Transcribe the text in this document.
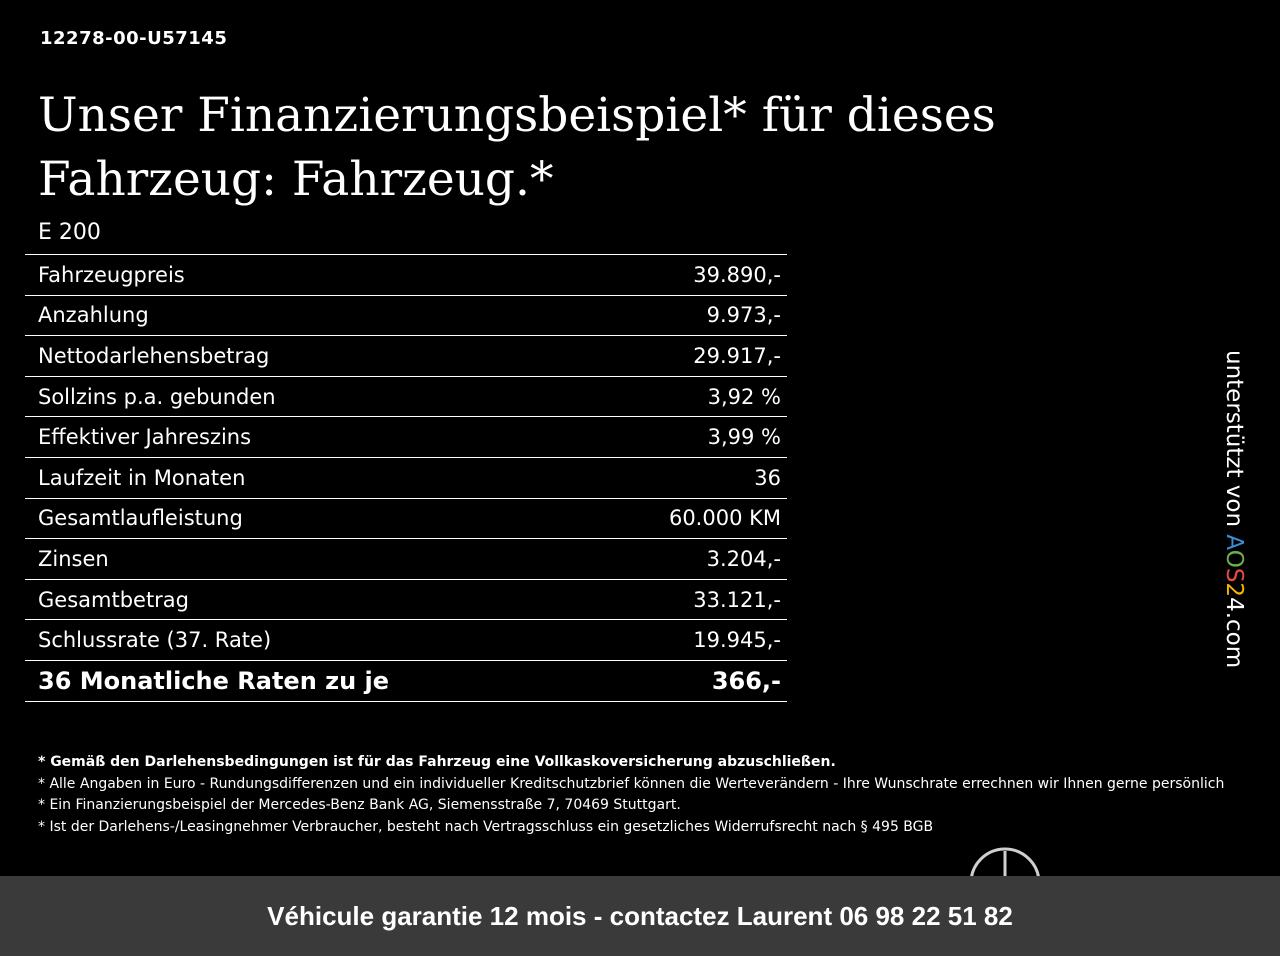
12278-00-U57145
Unser Finanzierungsbeispiel* für dieses Fahrzeug: Fahrzeug.*
E 200
Fahrzeugpreis	39.890,-
Anzahlung	9.973,-
Nettodarlehensbetrag	29.917,-
Sollzins p.a. gebunden	3,92 %
Effektiver Jahreszins	3,99 %
Laufzeit in Monaten	36
Gesamtlaufleistung	60.000 KM
Zinsen	3.204,-
Gesamtbetrag	33.121,-
Schlussrate (37. Rate)	19.945,-
36 Monatliche Raten zu je	366,-
* Gemäß den Darlehensbedingungen ist für das Fahrzeug eine Vollkaskoversicherung abzuschließen.
* Alle Angaben in Euro - Rundungsdifferenzen und ein individueller Kreditschutzbrief können die Werteverändern - Ihre Wunschrate errechnen wir Ihnen gerne persönlich
* Ein Finanzierungsbeispiel der Mercedes-Benz Bank AG, Siemensstraße 7, 70469 Stuttgart.
* Ist der Darlehens-/Leasingnehmer Verbraucher, besteht nach Vertragsschluss ein gesetzliches Widerrufsrecht nach § 495 BGB
unterstützt von AOS24.com
Véhicule garantie 12 mois - contactez Laurent 06 98 22 51 82
